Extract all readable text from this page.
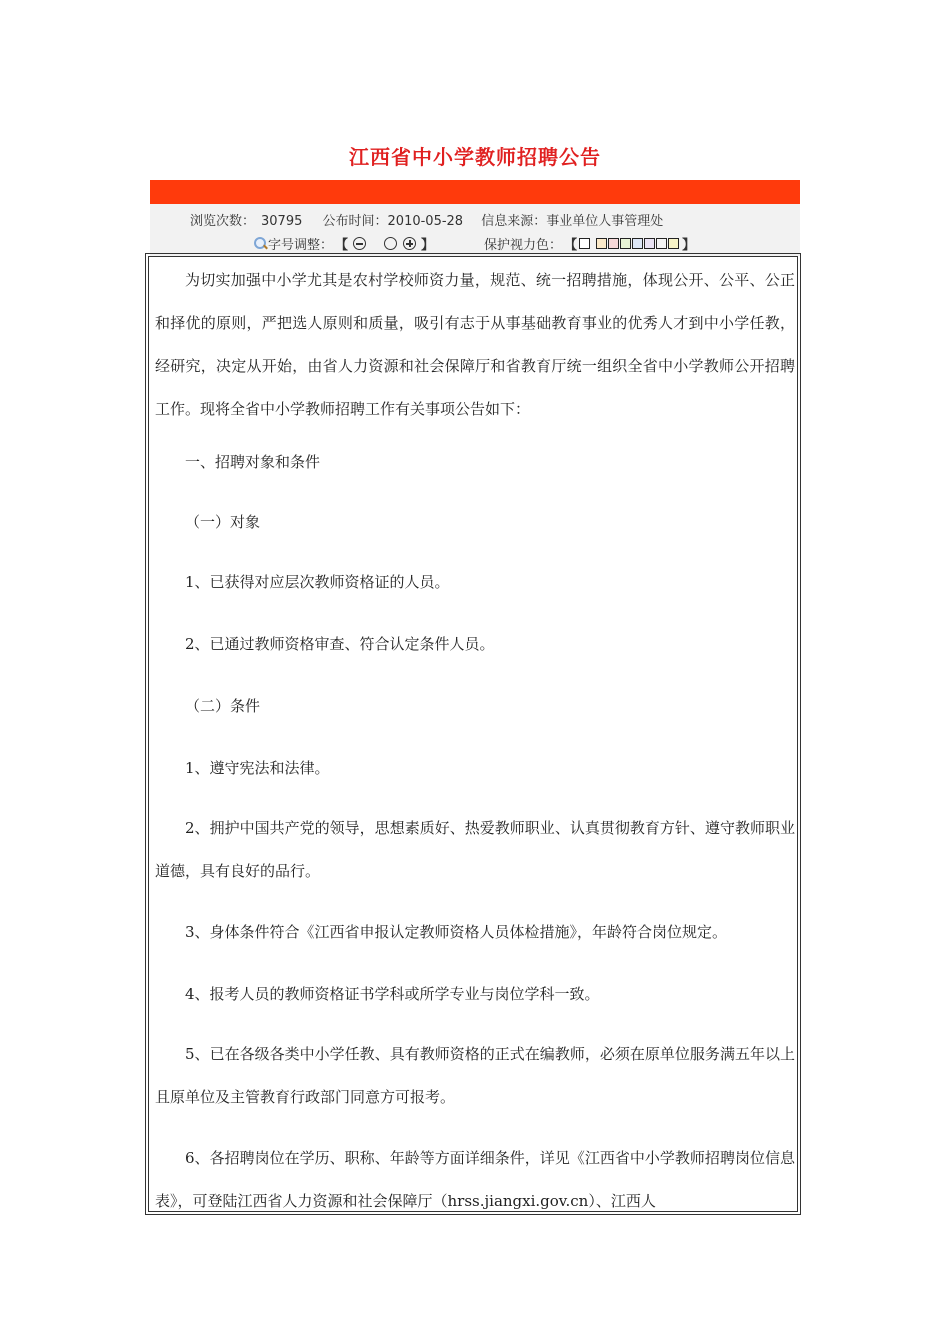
江西省中小学教师招聘公告
浏览次数： 30795 公布时间：2010-05-28 信息来源：事业单位人事管理处
字号调整： 【	】	保护视力色： 【	】
为切实加强中小学尤其是农村学校师资力量，规范、统一招聘措施，体现公开、公平、公正和择优的原则，严把选人原则和质量，吸引有志于从事基础教育事业的优秀人才到中小学任教，经研究，决定从开始，由省人力资源和社会保障厅和省教育厅统一组织全省中小学教师公开招聘工作。现将全省中小学教师招聘工作有关事项公告如下：
一、招聘对象和条件
（一）对象
1、已获得对应层次教师资格证的人员。
2、已通过教师资格审查、符合认定条件人员。
（二）条件
1、遵守宪法和法律。
2、拥护中国共产党的领导，思想素质好、热爱教师职业、认真贯彻教育方针、遵守教师职业道德，具有良好的品行。
3、身体条件符合《江西省申报认定教师资格人员体检措施》，年龄符合岗位规定。
4、报考人员的教师资格证书学科或所学专业与岗位学科一致。
5、已在各级各类中小学任教、具有教师资格的正式在编教师，必须在原单位服务满五年以上且原单位及主管教育行政部门同意方可报考。
6、各招聘岗位在学历、职称、年龄等方面详细条件，详见《江西省中小学教师招聘岗位信息表》，可登陆江西省人力资源和社会保障厅（hrss.jiangxi.gov.cn）、江西人
